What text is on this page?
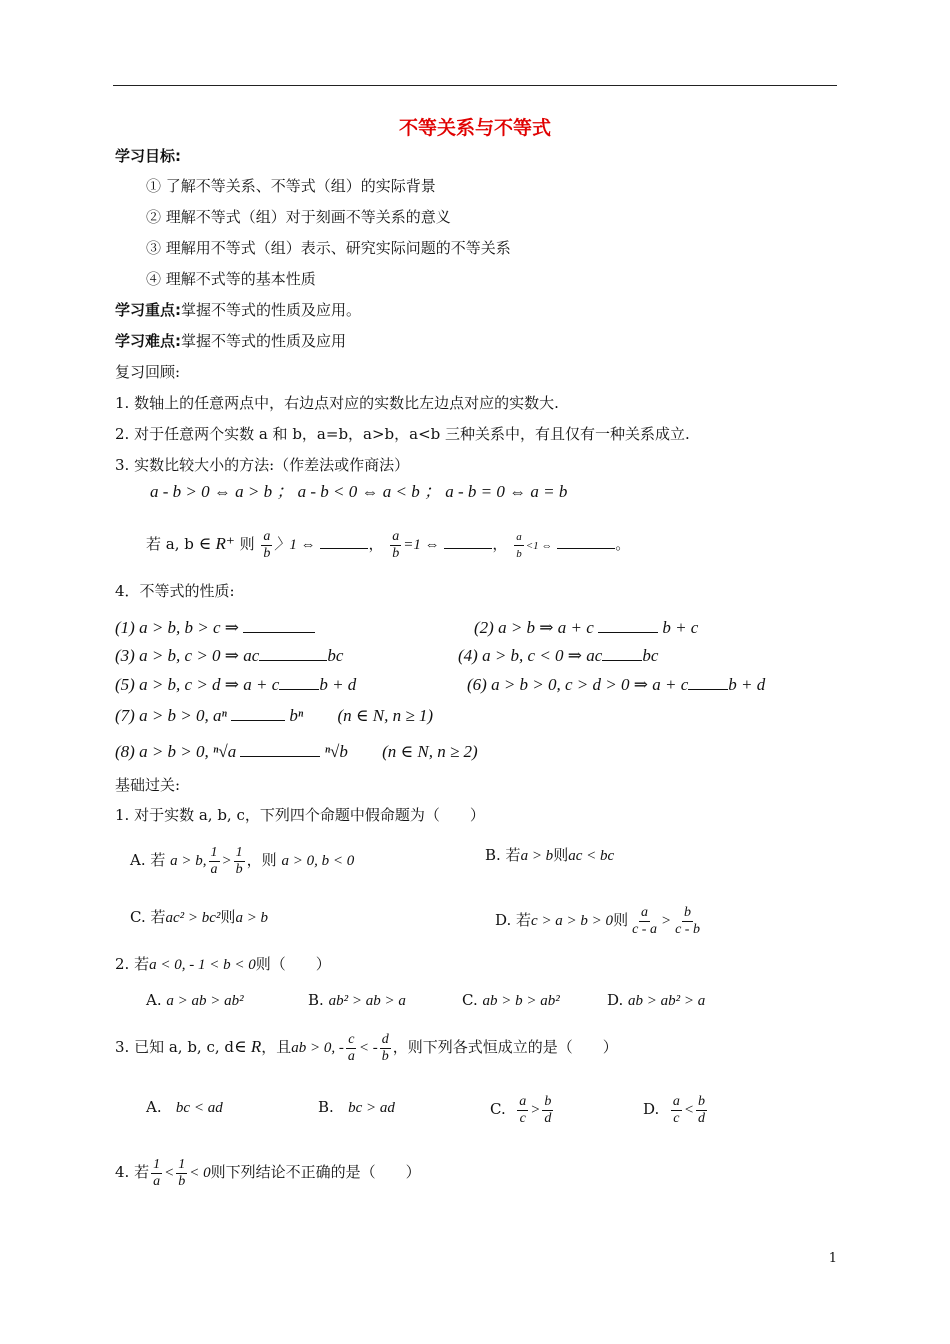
不等关系与不等式
学习目标:
① 了解不等关系、不等式（组）的实际背景
② 理解不等式（组）对于刻画不等关系的意义
③ 理解用不等式（组）表示、研究实际问题的不等关系
④ 理解不式等的基本性质
学习重点:掌握不等式的性质及应用。
学习难点:掌握不等式的性质及应用
复习回顾:
1. 数轴上的任意两点中，右边点对应的实数比左边点对应的实数大.
2. 对于任意两个实数 a 和 b，a=b，a>b，a<b 三种关系中，有且仅有一种关系成立.
3. 实数比较大小的方法:（作差法或作商法）
a - b > 0 ⇔ a > b ； a - b < 0 ⇔ a < b ； a - b = 0 ⇔ a = b
若 a, b ∈ R⁺ 则 $\frac{a}{b}$ 〉1 ⇔	， $\frac{a}{b} =1$ ⇔	， $\frac{a}{b} <1$ ⇔	。
4．不等式的性质:
(1) a > b, b > c ⇒	(2) a > b ⇒ a + c	b + c
(3) a > b, c > 0 ⇒ ac	bc	(4) a > b, c < 0 ⇒ ac bc
(5) a > b, c > d ⇒ a + c b + d	(6) a > b > 0, c > d > 0 ⇒ a + c b + d
(7) a > b > 0, aⁿ	bⁿ (n ∈ N, n ≥ 1)
(8) a > b > 0, ⁿ√a	ⁿ√b (n ∈ N, n ≥ 2)
基础过关:
1. 对于实数 a, b, c，下列四个命题中假命题为（　　）
A. 若 a > b, $\frac{1}{a} > \frac{1}{b}$ ，则 a > 0, b < 0	B. 若a > b则ac < bc
C. 若ac² > bc²则a > b	D. 若c > a > b > 0则 $\frac{a}{c - a} > \frac{b}{c - b}$
2. 若a < 0, - 1 < b < 0则（　　）
A. a > ab > ab²	B. ab² > ab > a	C. ab > b > ab²	D. ab > ab² > a
3. 已知 a, b, c, d∈ R，且ab > 0, - $\frac{c}{a}$ < - $\frac{d}{b}$ ，则下列各式恒成立的是（　　）
A. bc < ad	B. bc > ad	C. $\frac{a}{c} > \frac{b}{d}$	D. $\frac{a}{c} < \frac{b}{d}$
4. 若 $\frac{1}{a} < \frac{1}{b} < 0$则下列结论不正确的是（　　）
1
